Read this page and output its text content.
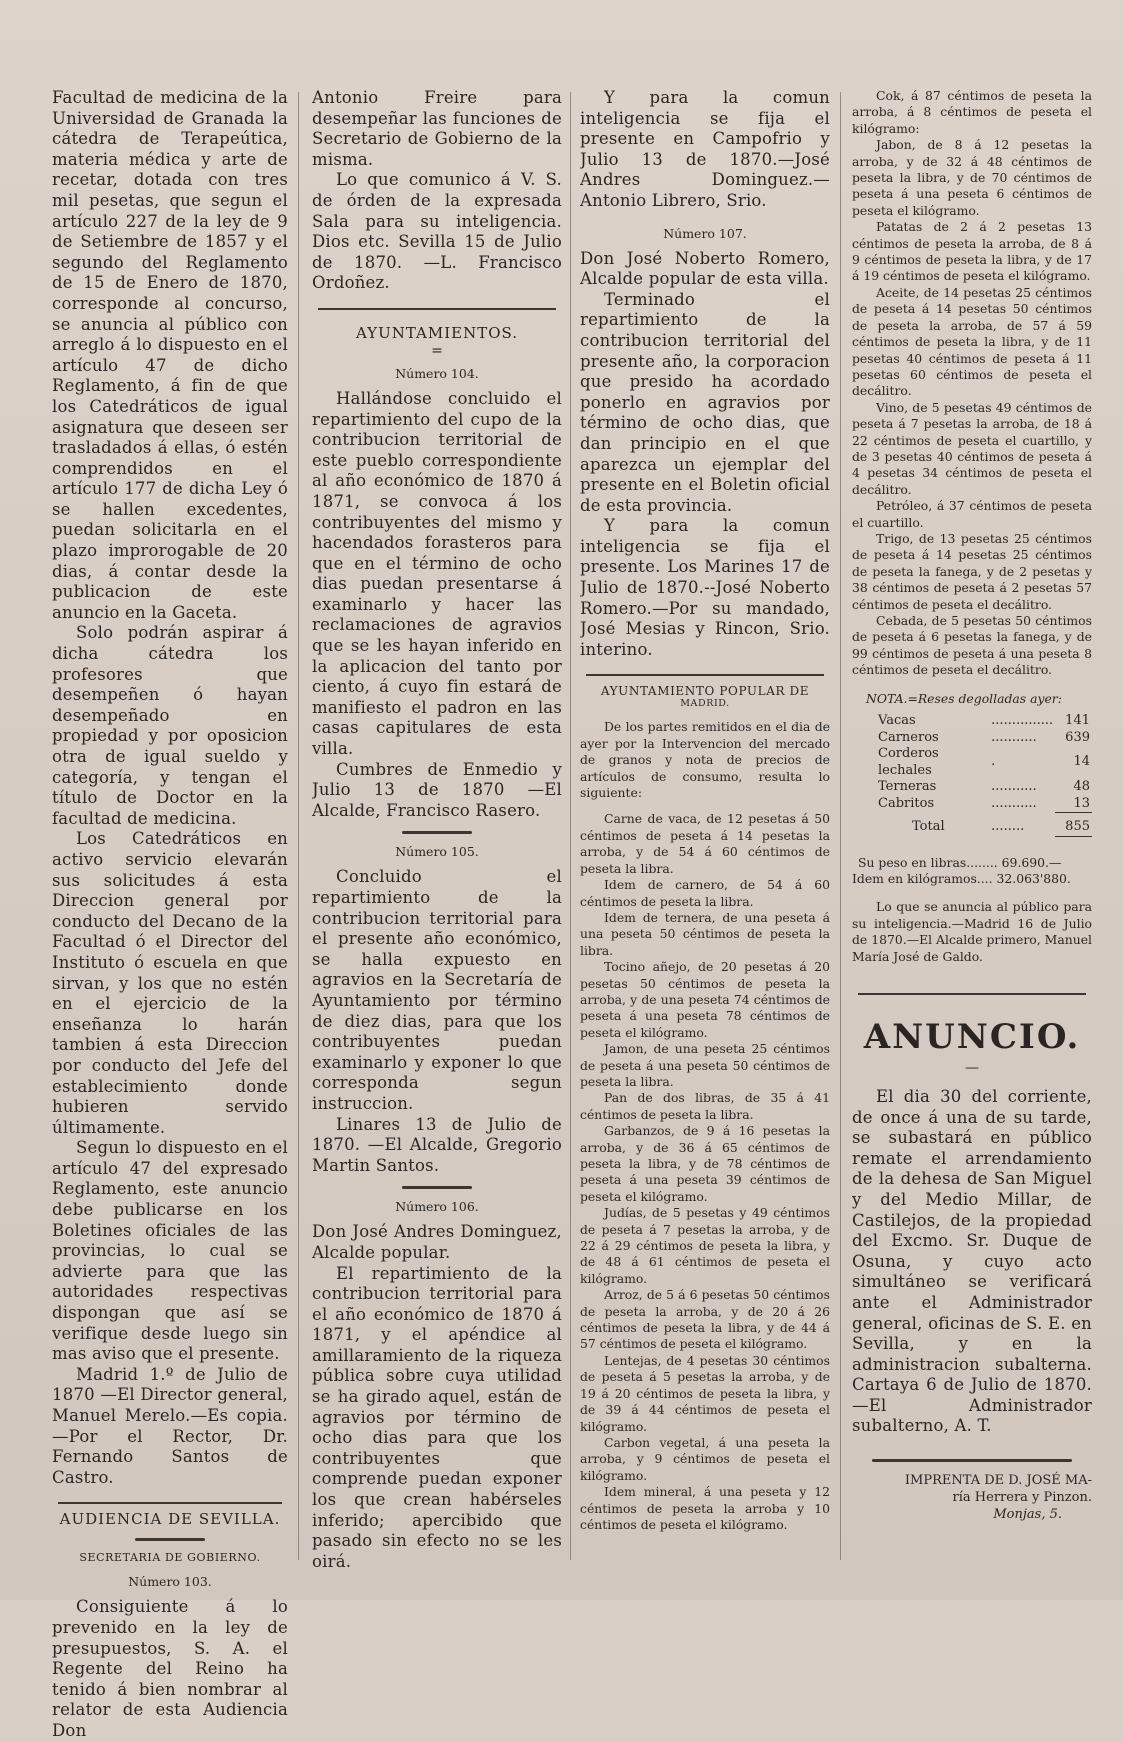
Facultad de medicina de la Universidad de Granada la cátedra de Terapeútica, materia médica y arte de recetar, dotada con tres mil pesetas, que segun el artículo 227 de la ley de 9 de Setiembre de 1857 y el segundo del Reglamento de 15 de Enero de 1870, corresponde al concurso, se anuncia al público con arreglo á lo dispuesto en el artículo 47 de dicho Reglamento, á fin de que los Catedráticos de igual asignatura que deseen ser trasladados á ellas, ó estén comprendidos en el artículo 177 de dicha Ley ó se hallen excedentes, puedan solicitarla en el plazo improrogable de 20 dias, á contar desde la publicacion de este anuncio en la Gaceta.

Solo podrán aspirar á dicha cátedra los profesores que desempeñen ó hayan desempeñado en propiedad y por oposicion otra de igual sueldo y categoría, y tengan el título de Doctor en la facultad de medicina.

Los Catedráticos en activo servicio elevarán sus solicitudes á esta Direccion general por conducto del Decano de la Facultad ó el Director del Instituto ó escuela en que sirvan, y los que no estén en el ejercicio de la enseñanza lo harán tambien á esta Direccion por conducto del Jefe del establecimiento donde hubieren servido últimamente.

Segun lo dispuesto en el artículo 47 del expresado Reglamento, este anuncio debe publicarse en los Boletines oficiales de las provincias, lo cual se advierte para que las autoridades respectivas dispongan que así se verifique desde luego sin mas aviso que el presente.

Madrid 1.º de Julio de 1870 —El Director general, Manuel Merelo.—Es copia.—Por el Rector, Dr. Fernando Santos de Castro.

AUDIENCIA DE SEVILLA.
SECRETARIA DE GOBIERNO.
Número 103.

Consiguiente á lo prevenido en la ley de presupuestos, S. A. el Regente del Reino ha tenido á bien nombrar al relator de esta Audiencia Don

Antonio Freire para desempeñar las funciones de Secretario de Gobierno de la misma.

Lo que comunico á V. S. de órden de la expresada Sala para su inteligencia. Dios etc. Sevilla 15 de Julio de 1870. —L. Francisco Ordoñez.

AYUNTAMIENTOS.
=
Número 104.

Hallándose concluido el repartimiento del cupo de la contribucion territorial de este pueblo correspondiente al año económico de 1870 á 1871, se convoca á los contribuyentes del mismo y hacendados forasteros para que en el término de ocho dias puedan presentarse á examinarlo y hacer las reclamaciones de agravios que se les hayan inferido en la aplicacion del tanto por ciento, á cuyo fin estará de manifiesto el padron en las casas capitulares de esta villa.

Cumbres de Enmedio y Julio 13 de 1870 —El Alcalde, Francisco Rasero.

Número 105.

Concluido el repartimiento de la contribucion territorial para el presente año económico, se halla expuesto en agravios en la Secretaría de Ayuntamiento por término de diez dias, para que los contribuyentes puedan examinarlo y exponer lo que corresponda segun instruccion.

Linares 13 de Julio de 1870. —El Alcalde, Gregorio Martin Santos.

Número 106.

Don José Andres Dominguez, Alcalde popular.

El repartimiento de la contribucion territorial para el año económico de 1870 á 1871, y el apéndice al amillaramiento de la riqueza pública sobre cuya utilidad se ha girado aquel, están de agravios por término de ocho dias para que los contribuyentes que comprende puedan exponer los que crean habérseles inferido; apercibido que pasado sin efecto no se les oirá.

Y para la comun inteligencia se fija el presente en Campofrio y Julio 13 de 1870.—José Andres Dominguez.—Antonio Librero, Srio.

Número 107.

Don José Noberto Romero, Alcalde popular de esta villa.

Terminado el repartimiento de la contribucion territorial del presente año, la corporacion que presido ha acordado ponerlo en agravios por término de ocho dias, que dan principio en el que aparezca un ejemplar del presente en el Boletin oficial de esta provincia.

Y para la comun inteligencia se fija el presente. Los Marines 17 de Julio de 1870.--José Noberto Romero.—Por su mandado, José Mesias y Rincon, Srio. interino.

AYUNTAMIENTO POPULAR DE
MADRID.

De los partes remitidos en el dia de ayer por la Intervencion del mercado de granos y nota de precios de artículos de consumo, resulta lo siguiente:

Carne de vaca, de 12 pesetas á 50 céntimos de peseta á 14 pesetas la arroba, y de 54 á 60 céntimos de peseta la libra.

Idem de carnero, de 54 á 60 céntimos de peseta la libra.

Idem de ternera, de una peseta á una peseta 50 céntimos de peseta la libra.

Tocino añejo, de 20 pesetas á 20 pesetas 50 céntimos de peseta la arroba, y de una peseta 74 céntimos de peseta á una peseta 78 céntimos de peseta el kilógramo.

Jamon, de una peseta 25 céntimos de peseta á una peseta 50 céntimos de peseta la libra.

Pan de dos libras, de 35 á 41 céntimos de peseta la libra.

Garbanzos, de 9 á 16 pesetas la arroba, y de 36 á 65 céntimos de peseta la libra, y de 78 céntimos de peseta á una peseta 39 céntimos de peseta el kilógramo.

Judías, de 5 pesetas y 49 céntimos de peseta á 7 pesetas la arroba, y de 22 á 29 céntimos de peseta la libra, y de 48 á 61 céntimos de peseta el kilógramo.

Arroz, de 5 á 6 pesetas 50 céntimos de peseta la arroba, y de 20 á 26 céntimos de peseta la libra, y de 44 á 57 céntimos de peseta el kilógramo.

Lentejas, de 4 pesetas 30 céntimos de peseta á 5 pesetas la arroba, y de 19 á 20 céntimos de peseta la libra, y de 39 á 44 céntimos de peseta el kilógramo.

Carbon vegetal, á una peseta la arroba, y 9 céntimos de peseta el kilógramo.

Idem mineral, á una peseta y 12 céntimos de peseta la arroba y 10 céntimos de peseta el kilógramo.

Cok, á 87 céntimos de peseta la arroba, á 8 céntimos de peseta el kilógramo:

Jabon, de 8 á 12 pesetas la arroba, y de 32 á 48 céntimos de peseta la libra, y de 70 céntimos de peseta á una peseta 6 céntimos de peseta el kilógramo.

Patatas de 2 á 2 pesetas 13 céntimos de peseta la arroba, de 8 á 9 céntimos de peseta la libra, y de 17 á 19 céntimos de peseta el kilógramo.

Aceite, de 14 pesetas 25 céntimos de peseta á 14 pesetas 50 céntimos de peseta la arroba, de 57 á 59 céntimos de peseta la libra, y de 11 pesetas 40 céntimos de peseta á 11 pesetas 60 céntimos de peseta el decálitro.

Vino, de 5 pesetas 49 céntimos de peseta á 7 pesetas la arroba, de 18 á 22 céntimos de peseta el cuartillo, y de 3 pesetas 40 céntimos de peseta á 4 pesetas 34 céntimos de peseta el decálitro.

Petróleo, á 37 céntimos de peseta el cuartillo.

Trigo, de 13 pesetas 25 céntimos de peseta á 14 pesetas 25 céntimos de peseta la fanega, y de 2 pesetas y 38 céntimos de peseta á 2 pesetas 57 céntimos de peseta el decálitro.

Cebada, de 5 pesetas 50 céntimos de peseta á 6 pesetas la fanega, y de 99 céntimos de peseta á una peseta 8 céntimos de peseta el decálitro.

NOTA.=Reses degolladas ayer:
Vacas	...............	141
Carneros	...........	639
Corderos lechales	.	14
Terneras	...........	48
Cabritos	...........	13
Total	........	855
Su peso en libras........ 69.690.—
Idem en kilógramos.... 32.063'880.

Lo que se anuncia al público para su inteligencia.—Madrid 16 de Julio de 1870.—El Alcalde primero, Manuel María José de Galdo.

ANUNCIO.
—

El dia 30 del corriente, de once á una de su tarde, se subastará en público remate el arrendamiento de la dehesa de San Miguel y del Medio Millar, de Castilejos, de la propiedad del Excmo. Sr. Duque de Osuna, y cuyo acto simultáneo se verificará ante el Administrador general, oficinas de S. E. en Sevilla, y en la administracion subalterna. Cartaya 6 de Julio de 1870. —El Administrador subalterno, A. T.

IMPRENTA DE D. JOSÉ MA-
ría Herrera y Pinzon.
Monjas, 5.
